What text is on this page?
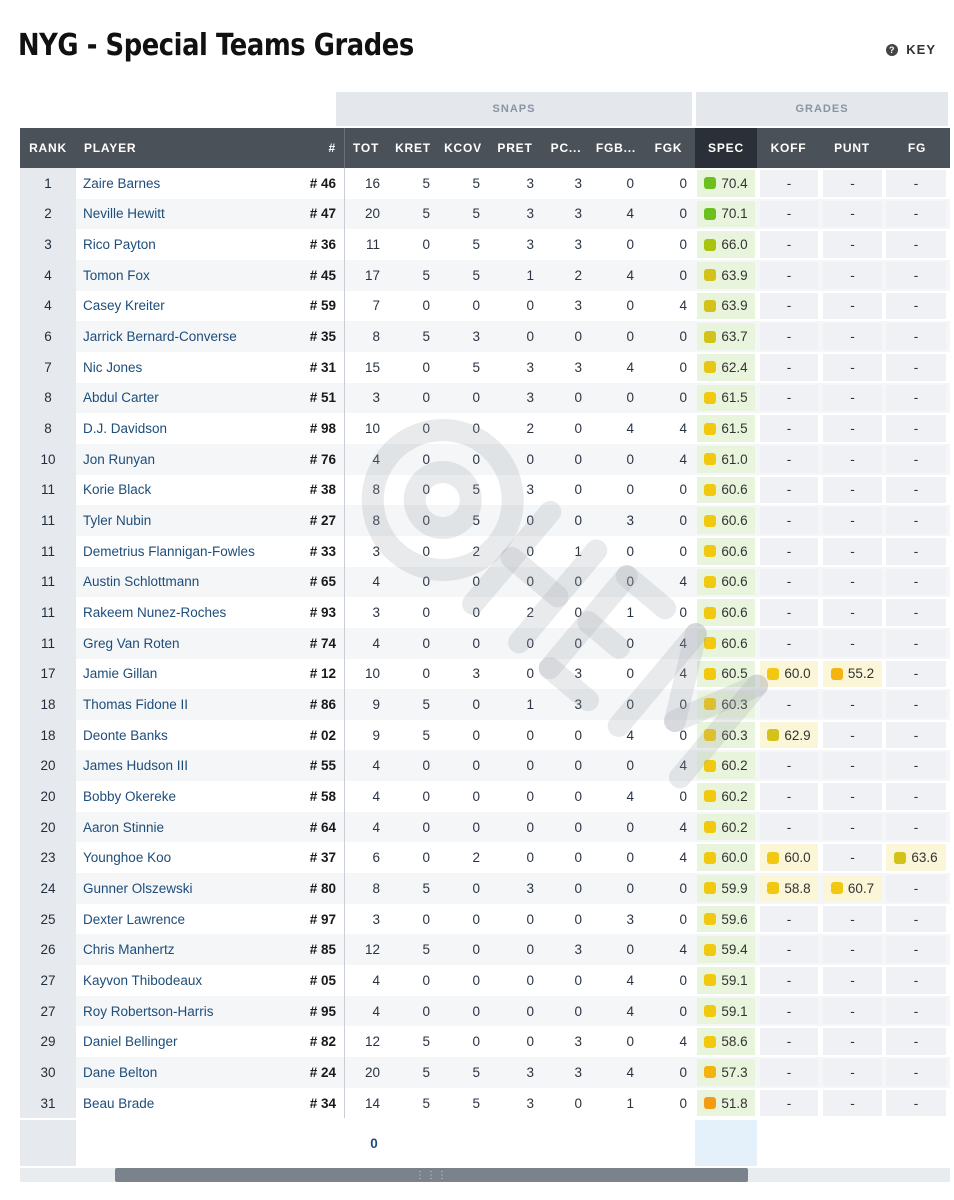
NYG - Special Teams Grades	? KEY
SNAPS	GRADES
RANK	PLAYER	#	TOT	KRET	KCOV	PRET	PC...	FGB...	FGK	SPEC	KOFF	PUNT	FG
1	Zaire Barnes	# 46	16	5	5	3	3	0	0	70.4	-	-	-
2	Neville Hewitt	# 47	20	5	5	3	3	4	0	70.1	-	-	-
3	Rico Payton	# 36	11	0	5	3	3	0	0	66.0	-	-	-
4	Tomon Fox	# 45	17	5	5	1	2	4	0	63.9	-	-	-
4	Casey Kreiter	# 59	7	0	0	0	3	0	4	63.9	-	-	-
6	Jarrick Bernard-Converse	# 35	8	5	3	0	0	0	0	63.7	-	-	-
7	Nic Jones	# 31	15	0	5	3	3	4	0	62.4	-	-	-
8	Abdul Carter	# 51	3	0	0	3	0	0	0	61.5	-	-	-
8	D.J. Davidson	# 98	10	0	0	2	0	4	4	61.5	-	-	-
10	Jon Runyan	# 76	4	0	0	0	0	0	4	61.0	-	-	-
11	Korie Black	# 38	8	0	5	3	0	0	0	60.6	-	-	-
11	Tyler Nubin	# 27	8	0	5	0	0	3	0	60.6	-	-	-
11	Demetrius Flannigan-Fowles	# 33	3	0	2	0	1	0	0	60.6	-	-	-
11	Austin Schlottmann	# 65	4	0	0	0	0	0	4	60.6	-	-	-
11	Rakeem Nunez-Roches	# 93	3	0	0	2	0	1	0	60.6	-	-	-
11	Greg Van Roten	# 74	4	0	0	0	0	0	4	60.6	-	-	-
17	Jamie Gillan	# 12	10	0	3	0	3	0	4	60.5	60.0	55.2	-
18	Thomas Fidone II	# 86	9	5	0	1	3	0	0	60.3	-	-	-
18	Deonte Banks	# 02	9	5	0	0	0	4	0	60.3	62.9	-	-
20	James Hudson III	# 55	4	0	0	0	0	0	4	60.2	-	-	-
20	Bobby Okereke	# 58	4	0	0	0	0	4	0	60.2	-	-	-
20	Aaron Stinnie	# 64	4	0	0	0	0	0	4	60.2	-	-	-
23	Younghoe Koo	# 37	6	0	2	0	0	0	4	60.0	60.0	-	63.6
24	Gunner Olszewski	# 80	8	5	0	3	0	0	0	59.9	58.8	60.7	-
25	Dexter Lawrence	# 97	3	0	0	0	0	3	0	59.6	-	-	-
26	Chris Manhertz	# 85	12	5	0	0	3	0	4	59.4	-	-	-
27	Kayvon Thibodeaux	# 05	4	0	0	0	0	4	0	59.1	-	-	-
27	Roy Robertson-Harris	# 95	4	0	0	0	0	4	0	59.1	-	-	-
29	Daniel Bellinger	# 82	12	5	0	0	3	0	4	58.6	-	-	-
30	Dane Belton	# 24	20	5	5	3	3	4	0	57.3	-	-	-
31	Beau Brade	# 34	14	5	5	3	0	1	0	51.8	-	-	-
0
⋮⋮⋮
